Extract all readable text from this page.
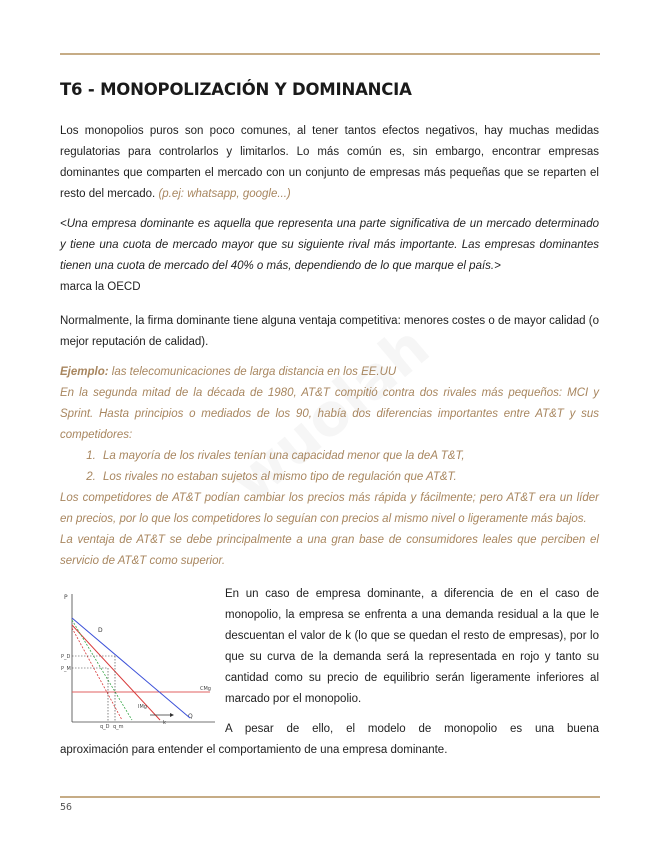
T6 - MONOPOLIZACIÓN Y DOMINANCIA

Los monopolios puros son poco comunes, al tener tantos efectos negativos, hay muchas medidas regulatorias para controlarlos y limitarlos. Lo más común es, sin embargo, encontrar empresas dominantes que comparten el mercado con un conjunto de empresas más pequeñas que se reparten el resto del mercado. (p.ej: whatsapp, google...)

<Una empresa dominante es aquella que representa una parte significativa de un mercado determinado y tiene una cuota de mercado mayor que su siguiente rival más importante. Las empresas dominantes tienen una cuota de mercado del 40% o más, dependiendo de lo que marque el país.>
marca la OECD

Normalmente, la firma dominante tiene alguna ventaja competitiva: menores costes o de mayor calidad (o mejor reputación de calidad).

Ejemplo: las telecomunicaciones de larga distancia en los EE.UU
En la segunda mitad de la década de 1980, AT&T compitió contra dos rivales más pequeños: MCI y Sprint. Hasta principios o mediados de los 90, había dos diferencias importantes entre AT&T y sus competidores:
1. La mayoría de los rivales tenían una capacidad menor que la deA T&T,
2. Los rivales no estaban sujetos al mismo tipo de regulación que AT&T.
Los competidores de AT&T podían cambiar los precios más rápida y fácilmente; pero AT&T era un líder en precios, por lo que los competidores lo seguían con precios al mismo nivel o ligeramente más bajos.
La ventaja de AT&T se debe principalmente a una gran base de consumidores leales que perciben el servicio de AT&T como superior.
P
Q
CMg
D
IMg
P_D
P_M
q_D q_m
k
En un caso de empresa dominante, a diferencia de en el caso de monopolio, la empresa se enfrenta a una demanda residual a la que le descuentan el valor de k (lo que se quedan el resto de empresas), por lo que su curva de la demanda será la representada en rojo y tanto su cantidad como su precio de equilibrio serán ligeramente inferiores al marcado por el monopolio.
A pesar de ello, el modelo de monopolio es una buena
aproximación para entender el comportamiento de una empresa dominante.
56
